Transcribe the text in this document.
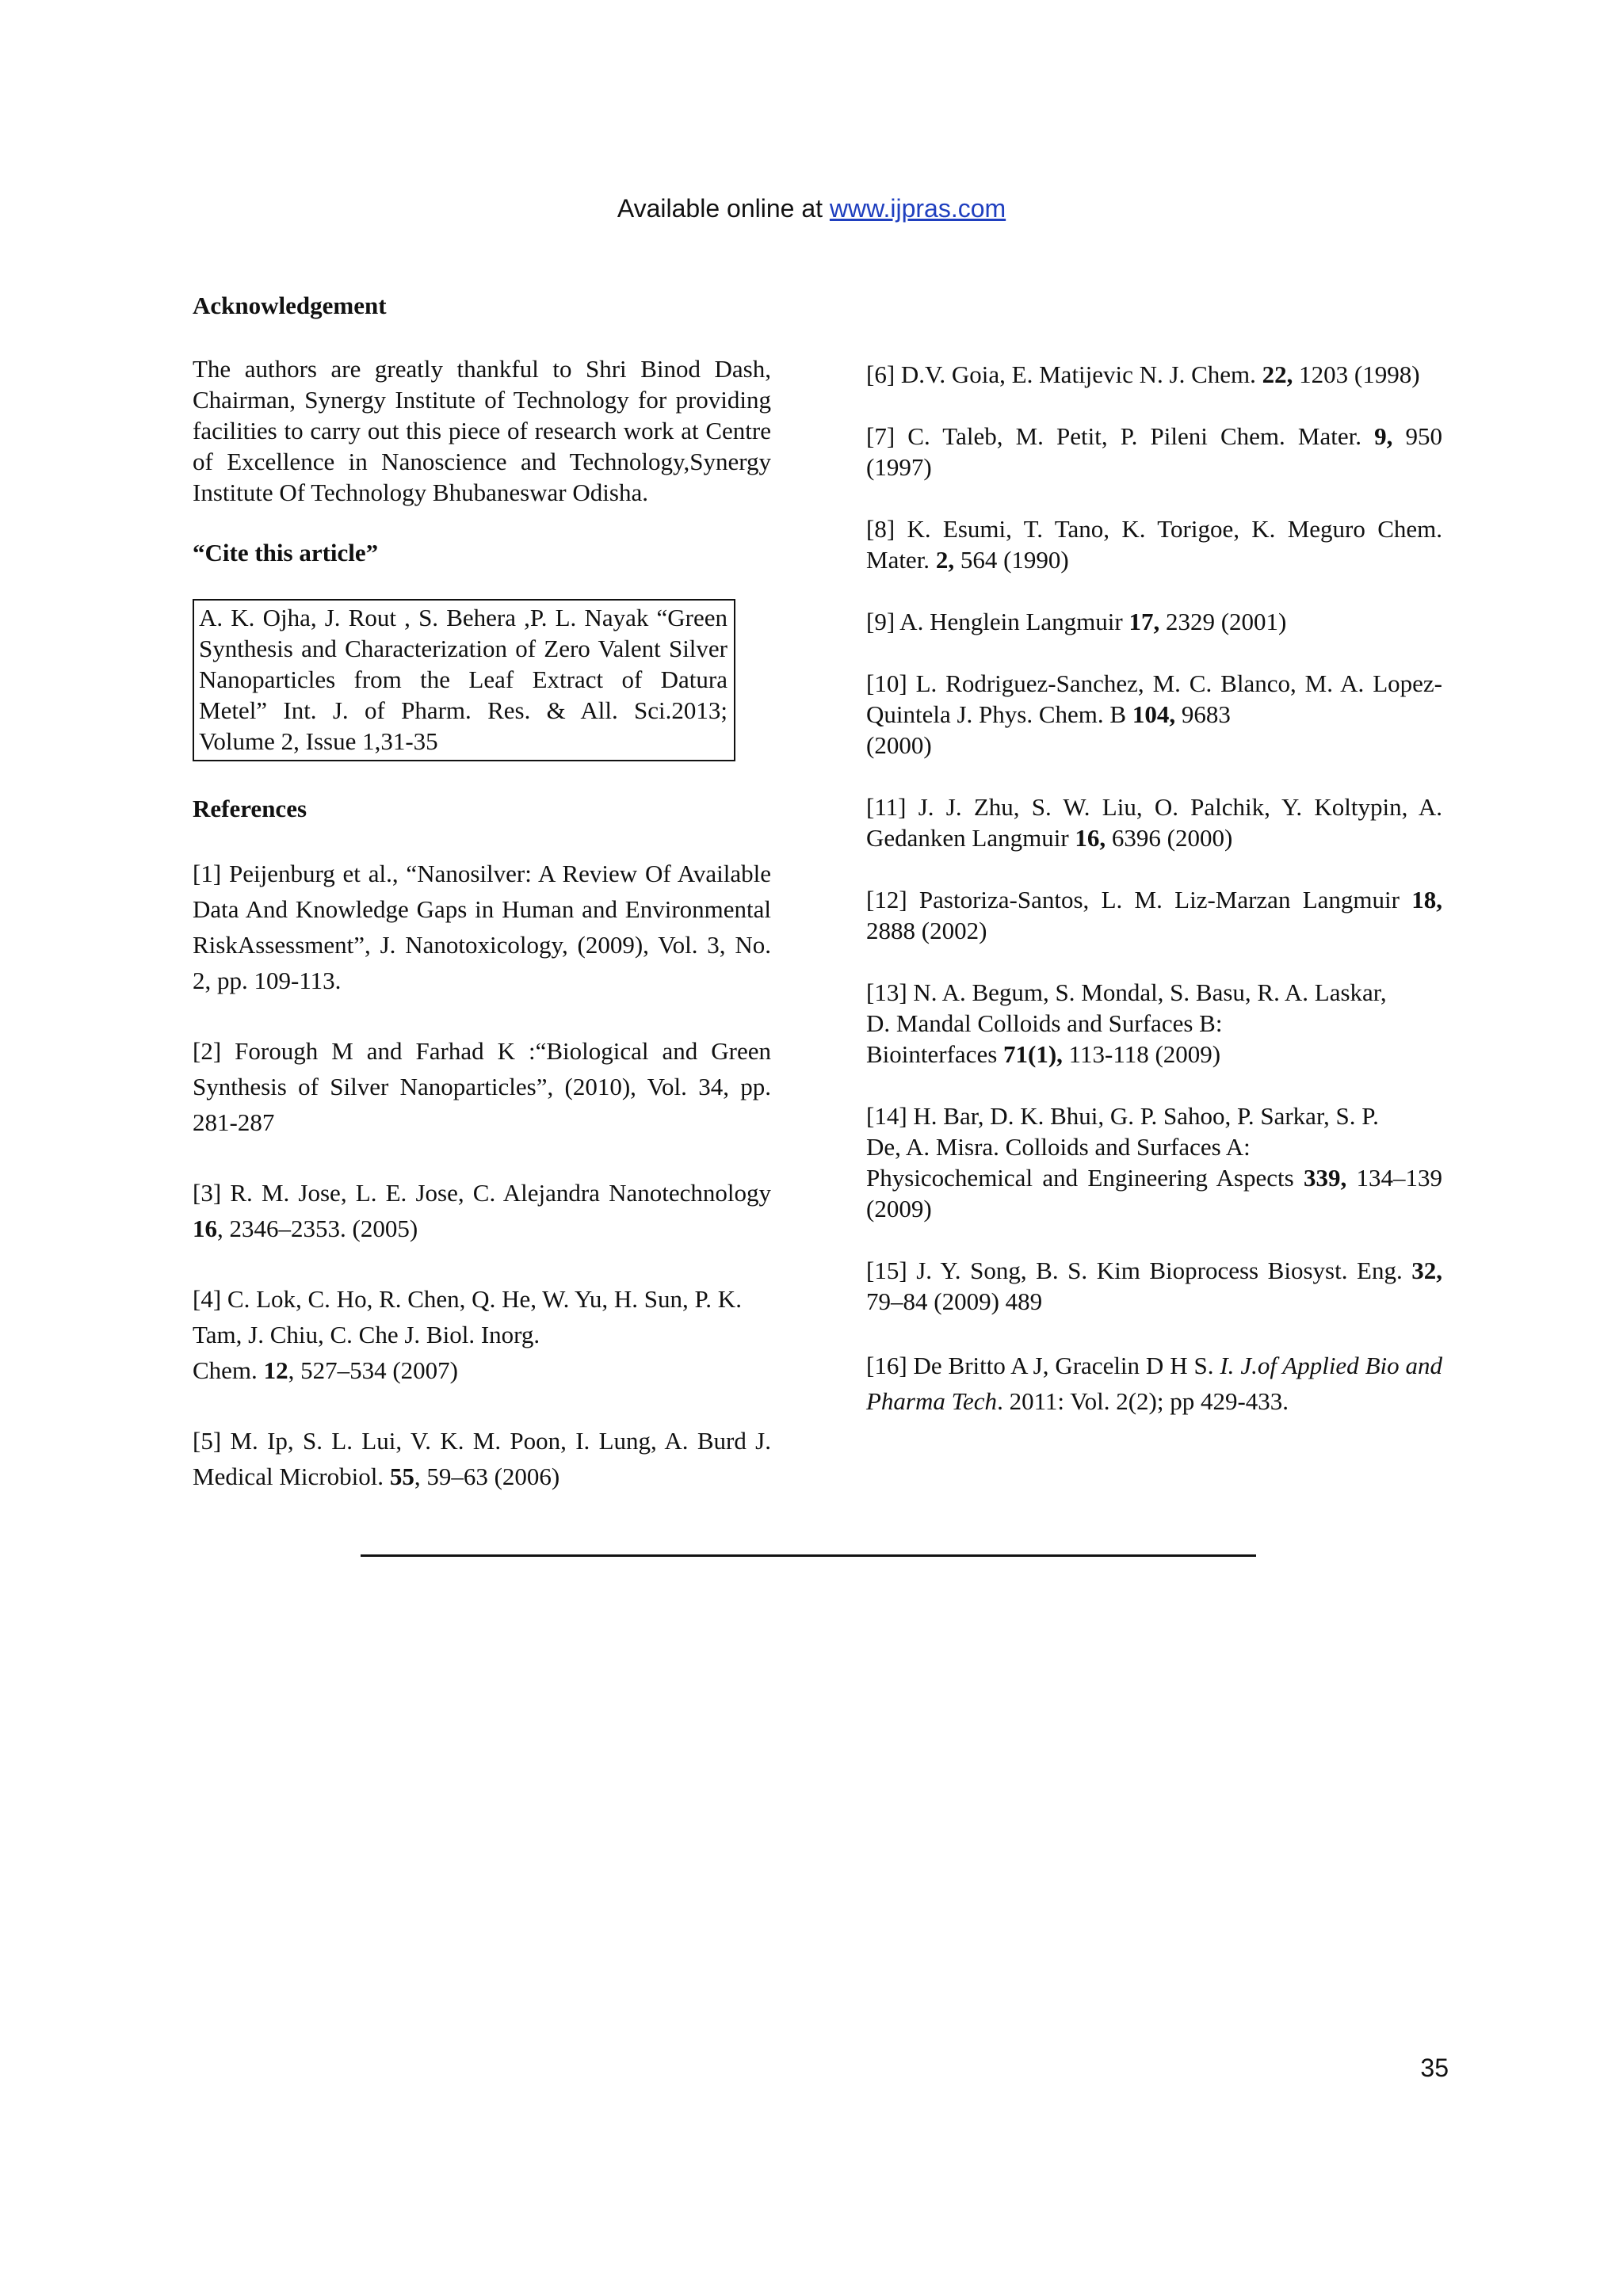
Available online at www.ijpras.com

Acknowledgement

The authors are greatly thankful to Shri Binod Dash, Chairman, Synergy Institute of Technology for providing facilities to carry out this piece of research work at Centre of Excellence in Nanoscience and Technology,Synergy Institute Of Technology Bhubaneswar Odisha.

“Cite this article”

A. K. Ojha, J. Rout , S. Behera ,P. L. Nayak “Green Synthesis and Characterization of Zero Valent Silver Nanoparticles from the Leaf Extract of Datura Metel” Int. J. of Pharm. Res. & All. Sci.2013; Volume 2, Issue 1,31-35

References

[1] Peijenburg et al., “Nanosilver: A Review Of Available Data And Knowledge Gaps in Human and Environmental RiskAssessment”, J. Nanotoxicology, (2009), Vol. 3, No. 2, pp. 109-113.

[2] Forough M and Farhad K :“Biological and Green Synthesis of Silver Nanoparticles”, (2010), Vol. 34, pp. 281-287

[3] R. M. Jose, L. E. Jose, C. Alejandra Nanotechnology 16, 2346–2353. (2005)

[4] C. Lok, C. Ho, R. Chen, Q. He, W. Yu, H. Sun, P. K. Tam, J. Chiu, C. Che J. Biol. Inorg.
Chem. 12, 527–534 (2007)

[5] M. Ip, S. L. Lui, V. K. M. Poon, I. Lung, A. Burd J. Medical Microbiol. 55, 59–63 (2006)

[6] D.V. Goia, E. Matijevic N. J. Chem. 22, 1203 (1998)

[7] C. Taleb, M. Petit, P. Pileni Chem. Mater. 9, 950 (1997)

[8] K. Esumi, T. Tano, K. Torigoe, K. Meguro Chem. Mater. 2, 564 (1990)

[9] A. Henglein Langmuir 17, 2329 (2001)

[10] L. Rodriguez-Sanchez, M. C. Blanco, M. A. Lopez-Quintela J. Phys. Chem. B 104, 9683
(2000)

[11] J. J. Zhu, S. W. Liu, O. Palchik, Y. Koltypin, A. Gedanken Langmuir 16, 6396 (2000)

[12] Pastoriza-Santos, L. M. Liz-Marzan Langmuir 18, 2888 (2002)

[13] N. A. Begum, S. Mondal, S. Basu, R. A. Laskar,
D. Mandal Colloids and Surfaces B:
Biointerfaces 71(1), 113-118 (2009)

[14] H. Bar, D. K. Bhui, G. P. Sahoo, P. Sarkar, S. P.
De, A. Misra. Colloids and Surfaces A:
Physicochemical and Engineering Aspects 339, 134–139 (2009)

[15] J. Y. Song, B. S. Kim Bioprocess Biosyst. Eng. 32, 79–84 (2009) 489

[16] De Britto A J, Gracelin D H S. I. J.of Applied Bio and Pharma Tech. 2011: Vol. 2(2); pp 429-433.

35
